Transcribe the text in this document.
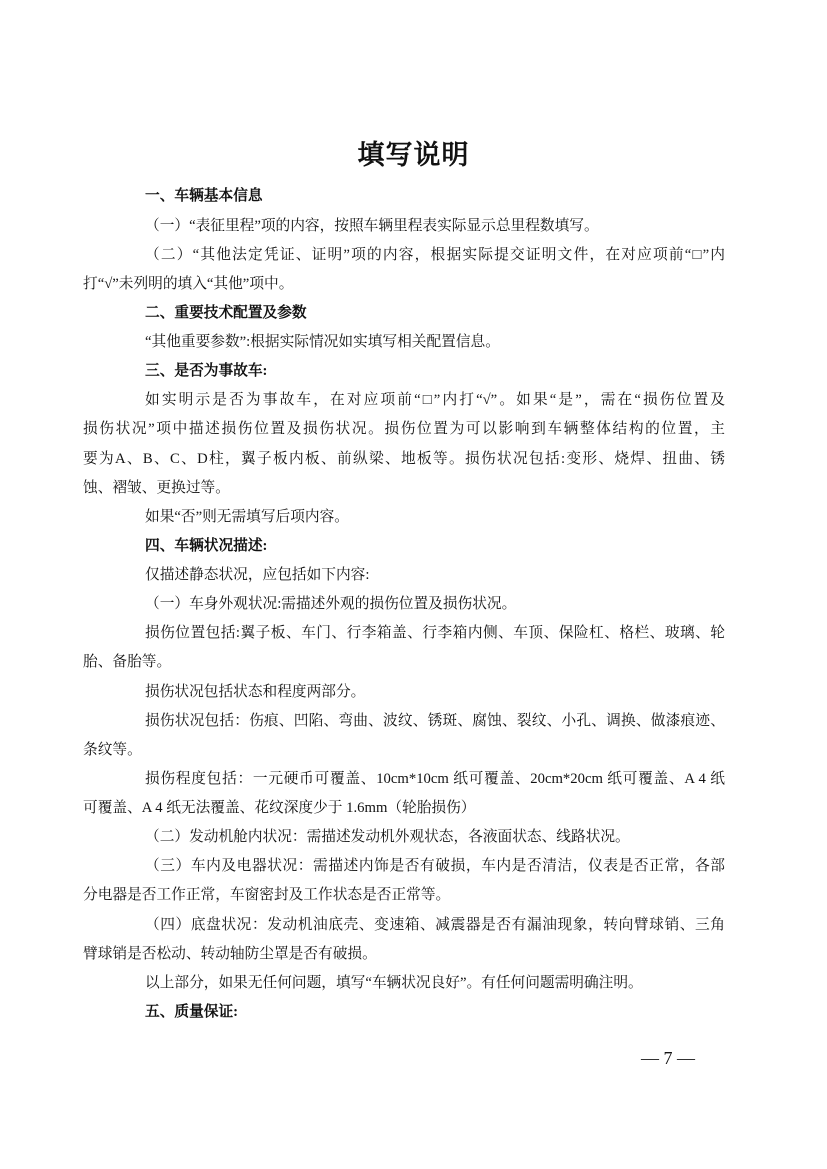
填写说明
一、车辆基本信息
（一）“表征里程”项的内容，按照车辆里程表实际显示总里程数填写。
（二）“其他法定凭证、证明”项的内容，根据实际提交证明文件，在对应项前“□”内
打“√”未列明的填入“其他”项中。
二、重要技术配置及参数
“其他重要参数”:根据实际情况如实填写相关配置信息。
三、是否为事故车:
如实明示是否为事故车，在对应项前“□”内打“√”。如果“是”，需在“损伤位置及
损伤状况”项中描述损伤位置及损伤状况。损伤位置为可以影响到车辆整体结构的位置，主
要为A、B、C、D柱，翼子板内板、前纵梁、地板等。损伤状况包括:变形、烧焊、扭曲、锈
蚀、褶皱、更换过等。
如果“否”则无需填写后项内容。
四、车辆状况描述:
仅描述静态状况，应包括如下内容:
（一）车身外观状况:需描述外观的损伤位置及损伤状况。
损伤位置包括:翼子板、车门、行李箱盖、行李箱内侧、车顶、保险杠、格栏、玻璃、轮
胎、备胎等。
损伤状况包括状态和程度两部分。
损伤状况包括：伤痕、凹陷、弯曲、波纹、锈斑、腐蚀、裂纹、小孔、调换、做漆痕迹、
条纹等。
损伤程度包括：一元硬币可覆盖、10cm*10cm 纸可覆盖、20cm*20cm 纸可覆盖、A 4 纸
可覆盖、A 4 纸无法覆盖、花纹深度少于 1.6mm（轮胎损伤）
（二）发动机舱内状况：需描述发动机外观状态，各液面状态、线路状况。
（三）车内及电器状况：需描述内饰是否有破损，车内是否清洁，仪表是否正常，各部
分电器是否工作正常，车窗密封及工作状态是否正常等。
（四）底盘状况：发动机油底壳、变速箱、减震器是否有漏油现象，转向臂球销、三角
臂球销是否松动、转动轴防尘罩是否有破损。
以上部分，如果无任何问题，填写“车辆状况良好”。有任何问题需明确注明。
五、质量保证:
— 7 —
